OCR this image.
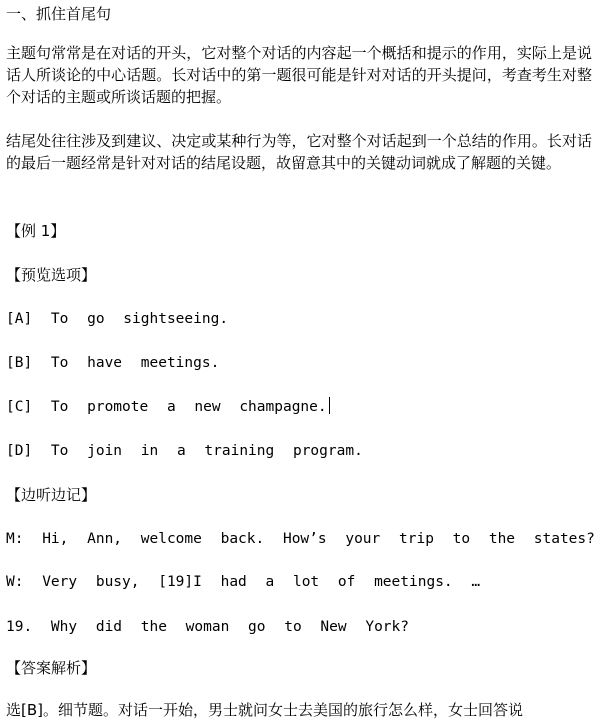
一、抓住首尾句
主题句常常是在对话的开头，它对整个对话的内容起一个概括和提示的作用，实际上是说话人所谈论的中心话题。长对话中的第一题很可能是针对对话的开头提问，考查考生对整个对话的主题或所谈话题的把握。
结尾处往往涉及到建议、决定或某种行为等，它对整个对话起到一个总结的作用。长对话的最后一题经常是针对对话的结尾设题，故留意其中的关键动词就成了解题的关键。
【例 1】
【预览选项】
[A] To go sightseeing.
[B] To have meetings.
[C] To promote a new champagne.
[D] To join in a training program.
【边听边记】
M: Hi, Ann, welcome back. How’s your trip to the states?
W: Very busy, [19]I had a lot of meetings. …
19. Why did the woman go to New York?
【答案解析】
选[B]。细节题。对话一开始，男士就问女士去美国的旅行怎么样，女士回答说
